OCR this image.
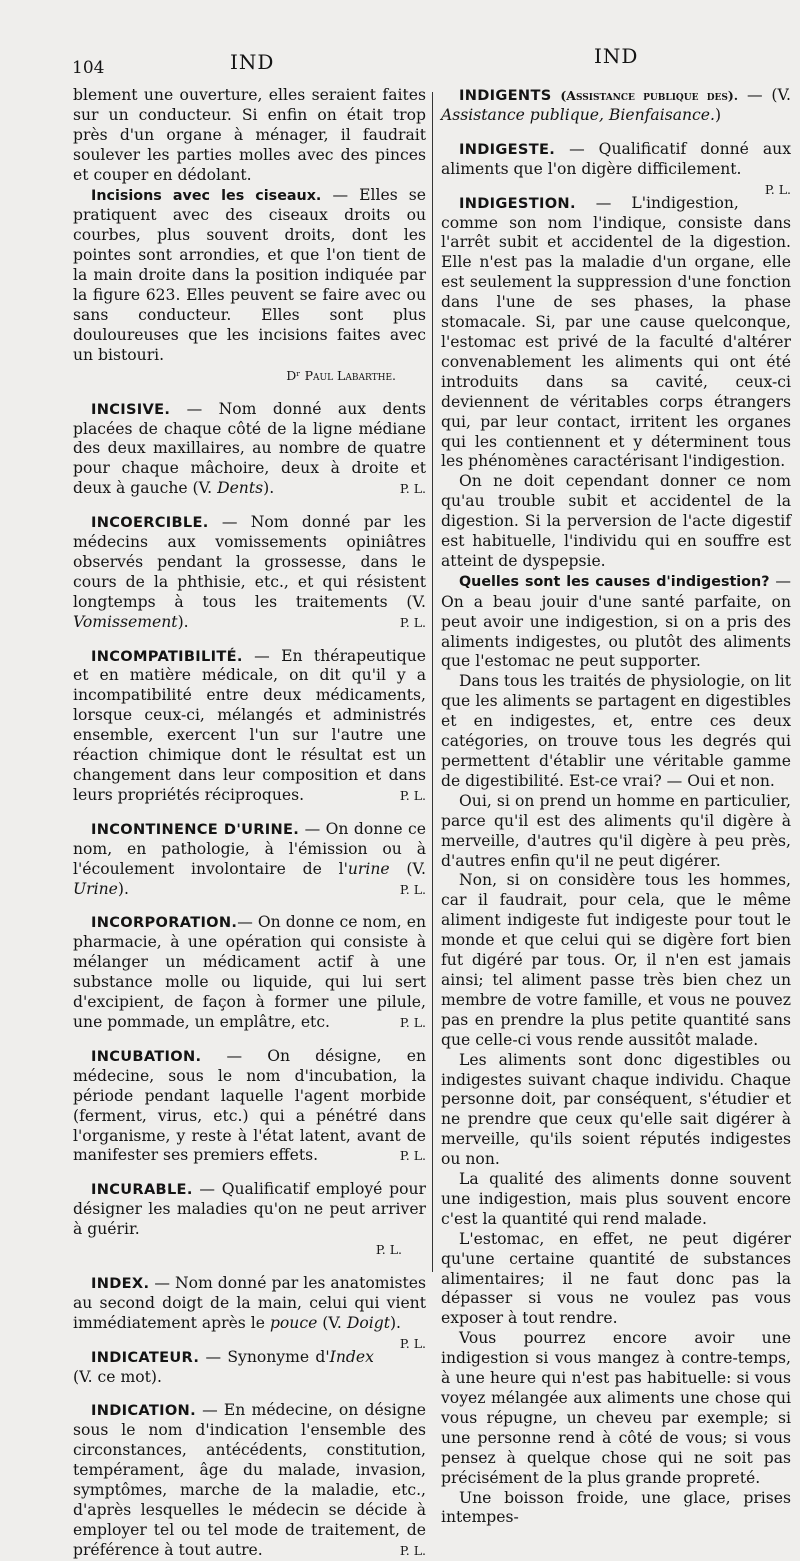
104	IND	IND

blement une ouverture, elles seraient faites sur un conducteur. Si enfin on était trop près d'un organe à ménager, il faudrait soulever les parties molles avec des pinces et couper en dédolant.

Incisions avec les ciseaux. — Elles se pratiquent avec des ciseaux droits ou courbes, plus souvent droits, dont les pointes sont arrondies, et que l'on tient de la main droite dans la position indiquée par la figure 623. Elles peuvent se faire avec ou sans conducteur. Elles sont plus douloureuses que les incisions faites avec un bistouri.

Dʳ Paul Labarthe.

INCISIVE. — Nom donné aux dents placées de chaque côté de la ligne médiane des deux maxillaires, au nombre de quatre pour chaque mâchoire, deux à droite et deux à gauche (V. Dents).	P. L.

INCOERCIBLE. — Nom donné par les médecins aux vomissements opiniâtres observés pendant la grossesse, dans le cours de la phthisie, etc., et qui résistent longtemps à tous les traitements (V. Vomissement).	P. L.

INCOMPATIBILITÉ. — En thérapeutique et en matière médicale, on dit qu'il y a incompatibilité entre deux médicaments, lorsque ceux-ci, mélangés et administrés ensemble, exercent l'un sur l'autre une réaction chimique dont le résultat est un changement dans leur composition et dans leurs propriétés réciproques.	P. L.

INCONTINENCE D'URINE. — On donne ce nom, en pathologie, à l'émission ou à l'écoulement involontaire de l'urine (V. Urine).	P. L.

INCORPORATION.— On donne ce nom, en pharmacie, à une opération qui consiste à mélanger un médicament actif à une substance molle ou liquide, qui lui sert d'excipient, de façon à former une pilule, une pommade, un emplâtre, etc.	P. L.

INCUBATION. — On désigne, en médecine, sous le nom d'incubation, la période pendant laquelle l'agent morbide (ferment, virus, etc.) qui a pénétré dans l'organisme, y reste à l'état latent, avant de manifester ses premiers effets.	P. L.

INCURABLE. — Qualificatif employé pour désigner les maladies qu'on ne peut arriver à guérir.

P. L.

INDEX. — Nom donné par les anatomistes au second doigt de la main, celui qui vient immédiatement après le pouce (V. Doigt).
P. L.

INDICATEUR. — Synonyme d'Index (V. ce mot).

INDICATION. — En médecine, on désigne sous le nom d'indication l'ensemble des circonstances, antécédents, constitution, tempérament, âge du malade, invasion, symptômes, marche de la maladie, etc., d'après lesquelles le médecin se décide à employer tel ou tel mode de traitement, de préférence à tout autre.	P. L.

INDIGENTS (Assistance publique des). — (V. Assistance publique, Bienfaisance.)

INDIGESTE. — Qualificatif donné aux aliments que l'on digère difficilement.
P. L.

INDIGESTION. — L'indigestion, comme son nom l'indique, consiste dans l'arrêt subit et accidentel de la digestion. Elle n'est pas la maladie d'un organe, elle est seulement la suppression d'une fonction dans l'une de ses phases, la phase stomacale. Si, par une cause quelconque, l'estomac est privé de la faculté d'altérer convenablement les aliments qui ont été introduits dans sa cavité, ceux-ci deviennent de véritables corps étrangers qui, par leur contact, irritent les organes qui les contiennent et y déterminent tous les phénomènes caractérisant l'indigestion.

On ne doit cependant donner ce nom qu'au trouble subit et accidentel de la digestion. Si la perversion de l'acte digestif est habituelle, l'individu qui en souffre est atteint de dyspepsie.

Quelles sont les causes d'indigestion? — On a beau jouir d'une santé parfaite, on peut avoir une indigestion, si on a pris des aliments indigestes, ou plutôt des aliments que l'estomac ne peut supporter.

Dans tous les traités de physiologie, on lit que les aliments se partagent en digestibles et en indigestes, et, entre ces deux catégories, on trouve tous les degrés qui permettent d'établir une véritable gamme de digestibilité. Est-ce vrai? — Oui et non.

Oui, si on prend un homme en particulier, parce qu'il est des aliments qu'il digère à merveille, d'autres qu'il digère à peu près, d'autres enfin qu'il ne peut digérer.

Non, si on considère tous les hommes, car il faudrait, pour cela, que le même aliment indigeste fut indigeste pour tout le monde et que celui qui se digère fort bien fut digéré par tous. Or, il n'en est jamais ainsi; tel aliment passe très bien chez un membre de votre famille, et vous ne pouvez pas en prendre la plus petite quantité sans que celle-ci vous rende aussitôt malade.

Les aliments sont donc digestibles ou indigestes suivant chaque individu. Chaque personne doit, par conséquent, s'étudier et ne prendre que ceux qu'elle sait digérer à merveille, qu'ils soient réputés indigestes ou non.

La qualité des aliments donne souvent une indigestion, mais plus souvent encore c'est la quantité qui rend malade.

L'estomac, en effet, ne peut digérer qu'une certaine quantité de substances alimentaires; il ne faut donc pas la dépasser si vous ne voulez pas vous exposer à tout rendre.

Vous pourrez encore avoir une indigestion si vous mangez à contre-temps, à une heure qui n'est pas habituelle: si vous voyez mélangée aux aliments une chose qui vous répugne, un cheveu par exemple; si une personne rend à côté de vous; si vous pensez à quelque chose qui ne soit pas précisément de la plus grande propreté.

Une boisson froide, une glace, prises intempes-
